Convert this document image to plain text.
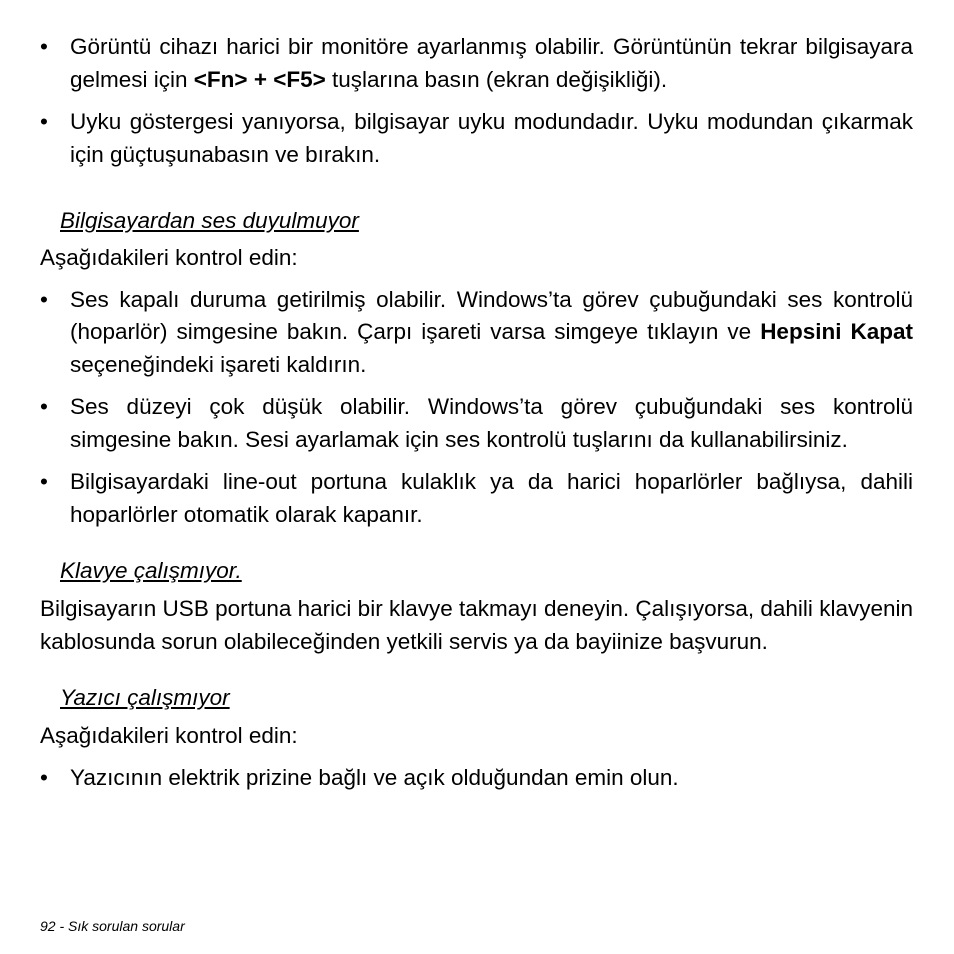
• Görüntü cihazı harici bir monitöre ayarlanmış olabilir. Görüntünün tekrar bilgisayara gelmesi için <Fn> + <F5> tuşlarına basın (ekran değişikliği).

• Uyku göstergesi yanıyorsa, bilgisayar uyku modundadır. Uyku modundan çıkarmak için güçtuşunabasın ve bırakın.

Bilgisayardan ses duyulmuyor

Aşağıdakileri kontrol edin:

• Ses kapalı duruma getirilmiş olabilir. Windows’ta görev çubuğundaki ses kontrolü (hoparlör) simgesine bakın. Çarpı işareti varsa simgeye tıklayın ve Hepsini Kapat seçeneğindeki işareti kaldırın.

• Ses düzeyi çok düşük olabilir. Windows’ta görev çubuğundaki ses kontrolü simgesine bakın. Sesi ayarlamak için ses kontrolü tuşlarını da kullanabilirsiniz.

• Bilgisayardaki line-out portuna kulaklık ya da harici hoparlörler bağlıysa, dahili hoparlörler otomatik olarak kapanır.

Klavye çalışmıyor.

Bilgisayarın USB portuna harici bir klavye takmayı deneyin. Çalışıyorsa, dahili klavyenin kablosunda sorun olabileceğinden yetkili servis ya da bayiinize başvurun.

Yazıcı çalışmıyor

Aşağıdakileri kontrol edin:

• Yazıcının elektrik prizine bağlı ve açık olduğundan emin olun.

92 - Sık sorulan sorular
